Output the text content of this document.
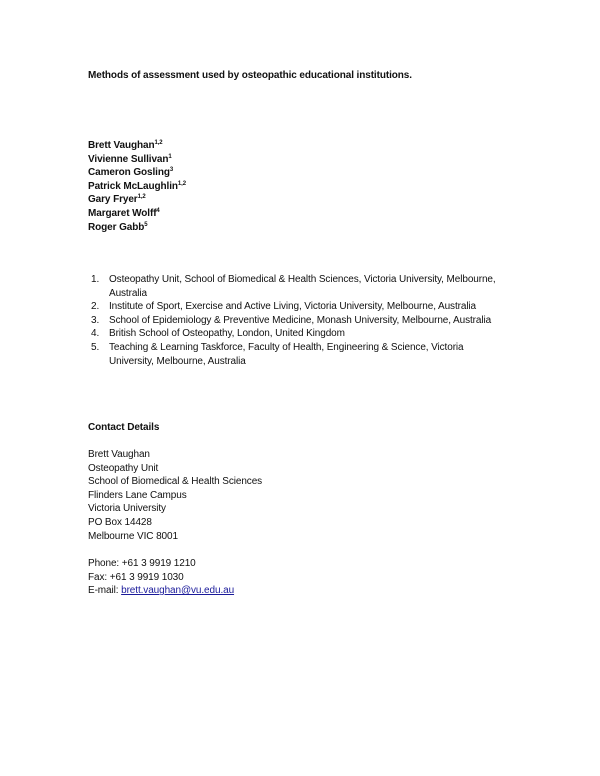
Methods of assessment used by osteopathic educational institutions.
Brett Vaughan$^{1,2}$
Vivienne Sullivan$^1$
Cameron Gosling$^3$
Patrick McLaughlin$^{1,2}$
Gary Fryer$^{1,2}$
Margaret Wolff$^4$
Roger Gabb$^5$
1. Osteopathy Unit, School of Biomedical & Health Sciences, Victoria University, Melbourne, Australia
2. Institute of Sport, Exercise and Active Living, Victoria University, Melbourne, Australia
3. School of Epidemiology & Preventive Medicine, Monash University, Melbourne, Australia
4. British School of Osteopathy, London, United Kingdom
5. Teaching & Learning Taskforce, Faculty of Health, Engineering & Science, Victoria University, Melbourne, Australia
Contact Details
Brett Vaughan
Osteopathy Unit
School of Biomedical & Health Sciences
Flinders Lane Campus
Victoria University
PO Box 14428
Melbourne VIC 8001
Phone: +61 3 9919 1210
Fax: +61 3 9919 1030
E-mail: brett.vaughan@vu.edu.au
